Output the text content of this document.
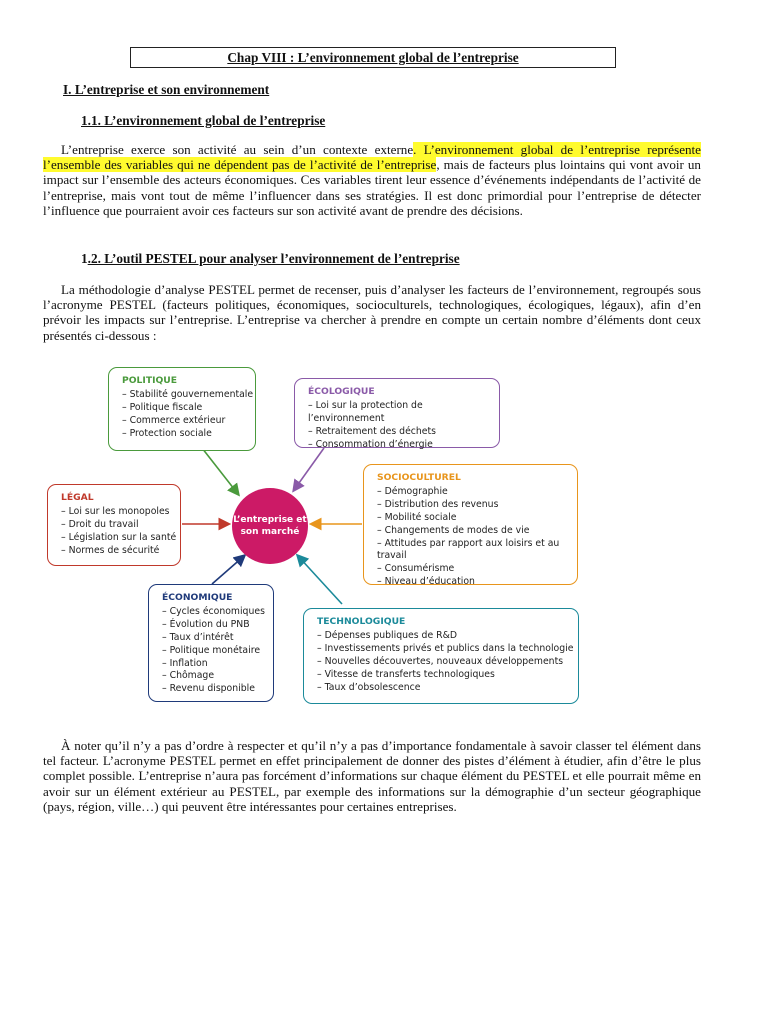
Chap VIII : L’environnement global de l’entreprise
I. L’entreprise et son environnement
1.1. L’environnement global de l’entreprise
L’entreprise exerce son activité au sein d’un contexte externe. L’environnement global de l’entreprise représente l’ensemble des variables qui ne dépendent pas de l’activité de l’entreprise, mais de facteurs plus lointains qui vont avoir un impact sur l’ensemble des acteurs économiques. Ces variables tirent leur essence d’événements indépendants de l’activité de l’entreprise, mais vont tout de même l’influencer dans ses stratégies. Il est donc primordial pour l’entreprise de détecter l’influence que pourraient avoir ces facteurs sur son activité avant de prendre des décisions.
1.2. L’outil PESTEL pour analyser l’environnement de l’entreprise
La méthodologie d’analyse PESTEL permet de recenser, puis d’analyser les facteurs de l’environnement, regroupés sous l’acronyme PESTEL (facteurs politiques, économiques, socioculturels, technologiques, écologiques, légaux), afin d’en prévoir les impacts sur l’entreprise. L’entreprise va chercher à prendre en compte un certain nombre d’éléments dont ceux présentés ci-dessous :
POLITIQUE
– Stabilité gouvernementale
– Politique fiscale
– Commerce extérieur
– Protection sociale
ÉCOLOGIQUE
– Loi sur la protection de l’environnement
– Retraitement des déchets
– Consommation d’énergie
SOCIOCULTUREL
– Démographie
– Distribution des revenus
– Mobilité sociale
– Changements de modes de vie
– Attitudes par rapport aux loisirs et au travail
– Consumérisme
– Niveau d’éducation
LÉGAL
– Loi sur les monopoles
– Droit du travail
– Législation sur la santé
– Normes de sécurité
L’entreprise et son marché
ÉCONOMIQUE
– Cycles économiques
– Évolution du PNB
– Taux d’intérêt
– Politique monétaire
– Inflation
– Chômage
– Revenu disponible
TECHNOLOGIQUE
– Dépenses publiques de R&D
– Investissements privés et publics dans la technologie
– Nouvelles découvertes, nouveaux développements
– Vitesse de transferts technologiques
– Taux d’obsolescence
À noter qu’il n’y a pas d’ordre à respecter et qu’il n’y a pas d’importance fondamentale à savoir classer tel élément dans tel facteur. L’acronyme PESTEL permet en effet principalement de donner des pistes d’élément à étudier, afin d’être le plus complet possible. L’entreprise n’aura pas forcément d’informations sur chaque élément du PESTEL et elle pourrait même en avoir sur un élément extérieur au PESTEL, par exemple des informations sur la démographie d’un secteur géographique (pays, région, ville…) qui peuvent être intéressantes pour certaines entreprises.
